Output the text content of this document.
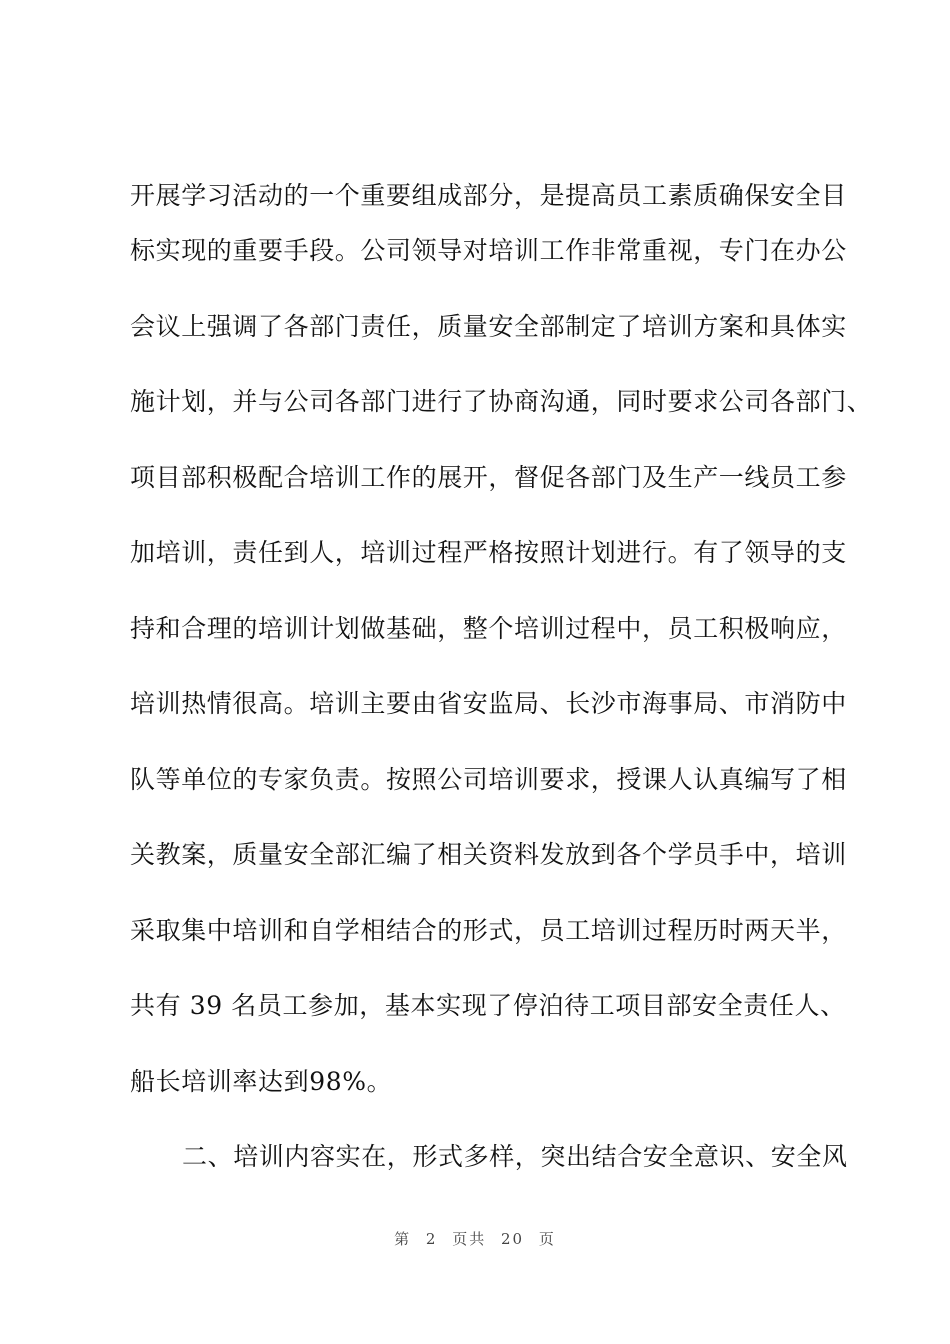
开展学习活动的一个重要组成部分，是提高员工素质确保安全目
标实现的重要手段。公司领导对培训工作非常重视，专门在办公
会议上强调了各部门责任，质量安全部制定了培训方案和具体实
施计划，并与公司各部门进行了协商沟通，同时要求公司各部门、
项目部积极配合培训工作的展开，督促各部门及生产一线员工参
加培训，责任到人，培训过程严格按照计划进行。有了领导的支
持和合理的培训计划做基础，整个培训过程中，员工积极响应，
培训热情很高。培训主要由省安监局、长沙市海事局、市消防中
队等单位的专家负责。按照公司培训要求，授课人认真编写了相
关教案，质量安全部汇编了相关资料发放到各个学员手中，培训
采取集中培训和自学相结合的形式，员工培训过程历时两天半，
共有 39 名员工参加，基本实现了停泊待工项目部安全责任人、
船长培训率达到98%。
二、培训内容实在，形式多样，突出结合安全意识、安全风
第 2 页共 20 页
